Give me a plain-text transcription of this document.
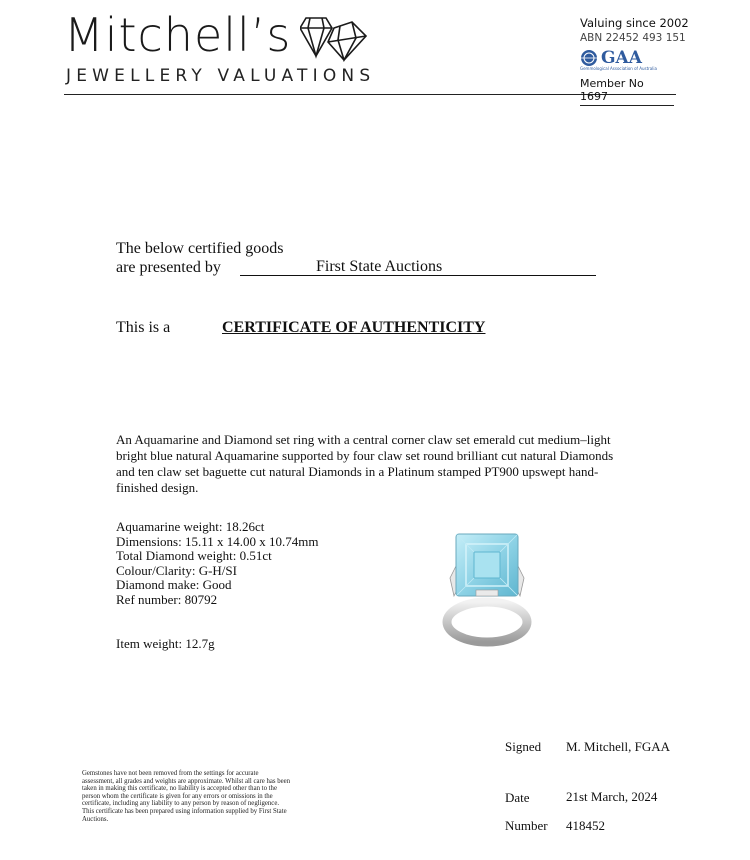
Mitchell’s
JEWELLERY VALUATIONS
Valuing since 2002
ABN 22452 493 151
GAA
Gemmological Association of Australia
Member No 1697
The below certified goods
are presented by	First State Auctions
This is a	CERTIFICATE OF AUTHENTICITY
An Aquamarine and Diamond set ring with a central corner claw set emerald cut medium–light bright blue natural Aquamarine supported by four claw set round brilliant cut natural Diamonds and ten claw set baguette cut natural Diamonds in a Platinum stamped PT900 upswept hand-finished design.
Aquamarine weight: 18.26ct
Dimensions: 15.11 x 14.00 x 10.74mm
Total Diamond weight: 0.51ct
Colour/Clarity: G-H/SI
Diamond make: Good
Ref number: 80792
Item weight: 12.7g
Signed M. Mitchell, FGAA
Date	21st March, 2024
Number 418452
Gemstones have not been removed from the settings for accurate assessment, all grades and weights are approximate. Whilst all care has been taken in making this certificate, no liability is accepted other than to the person whom the certificate is given for any errors or omissions in the certificate, including any liability to any person by reason of negligence. This certificate has been prepared using information supplied by First State Auctions.
